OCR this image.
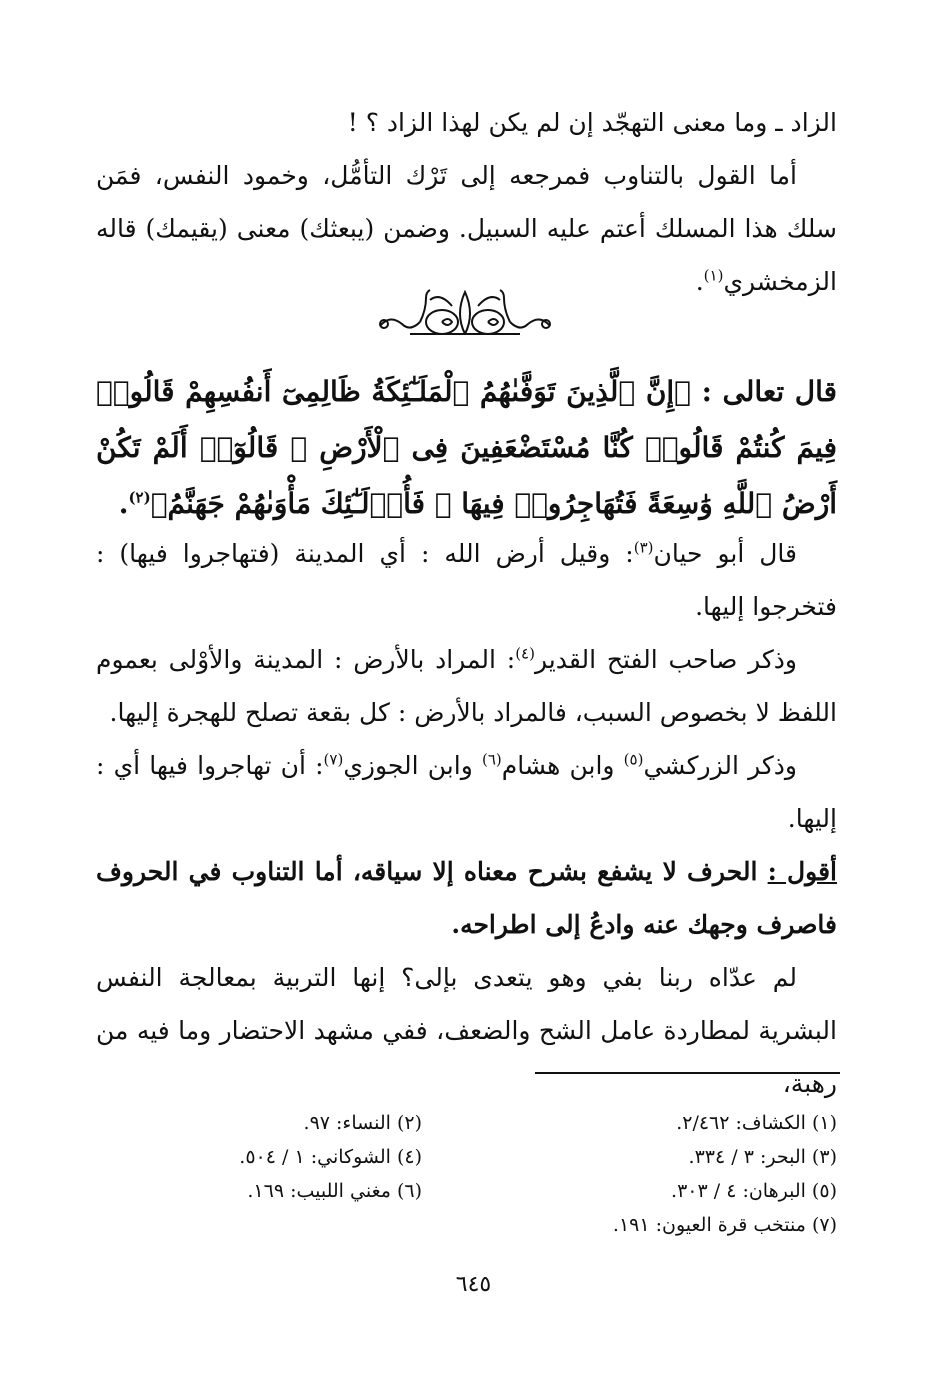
الزاد ـ وما معنى التهجّد إن لم يكن لهذا الزاد ؟ !

أما القول بالتناوب فمرجعه إلى تَرْك التأمُّل، وخمود النفس، فمَن سلك هذا المسلك أعتم عليه السبيل. وضمن (يبعثك) معنى (يقيمك) قاله الزمخشري$^{(١)}$.

قال تعالى : ﴿إِنَّ ٱلَّذِينَ تَوَفَّىٰهُمُ ٱلْمَلَـٰٓئِكَةُ ظَالِمِىٓ أَنفُسِهِمْ قَالُوا۟ فِيمَ كُنتُمْ قَالُوا۟ كُنَّا مُسْتَضْعَفِينَ فِى ٱلْأَرْضِ ۚ قَالُوٓا۟ أَلَمْ تَكُنْ أَرْضُ ٱللَّهِ وَٰسِعَةً فَتُهَاجِرُوا۟ فِيهَا ۚ فَأُو۟لَـٰٓئِكَ مَأْوَىٰهُمْ جَهَنَّمُ﴾$^{(٢)}$.

قال أبو حيان$^{(٣)}$: وقيل أرض الله : أي المدينة (فتهاجروا فيها) : فتخرجوا إليها.

وذكر صاحب الفتح القدير$^{(٤)}$: المراد بالأرض : المدينة والأوْلى بعموم اللفظ لا بخصوص السبب، فالمراد بالأرض : كل بقعة تصلح للهجرة إليها.

وذكر الزركشي$^{(٥)}$ وابن هشام$^{(٦)}$ وابن الجوزي$^{(٧)}$: أن تهاجروا فيها أي : إليها.

أقول : الحرف لا يشفع بشرح معناه إلا سياقه، أما التناوب في الحروف فاصرف وجهك عنه وادعُ إلى اطراحه.

لم عدّاه ربنا بفي وهو يتعدى بإلى؟ إنها التربية بمعالجة النفس البشرية لمطاردة عامل الشح والضعف، ففي مشهد الاحتضار وما فيه من رهبة،

(١) الكشاف: ٢/٤٦٢.
(٢) النساء: ٩٧.
(٣) البحر: ٣ / ٣٣٤.
(٤) الشوكاني: ١ / ٥٠٤.
(٥) البرهان: ٤ / ٣٠٣.
(٦) مغني اللبيب: ١٦٩.
(٧) منتخب قرة العيون: ١٩١.
٦٤٥
